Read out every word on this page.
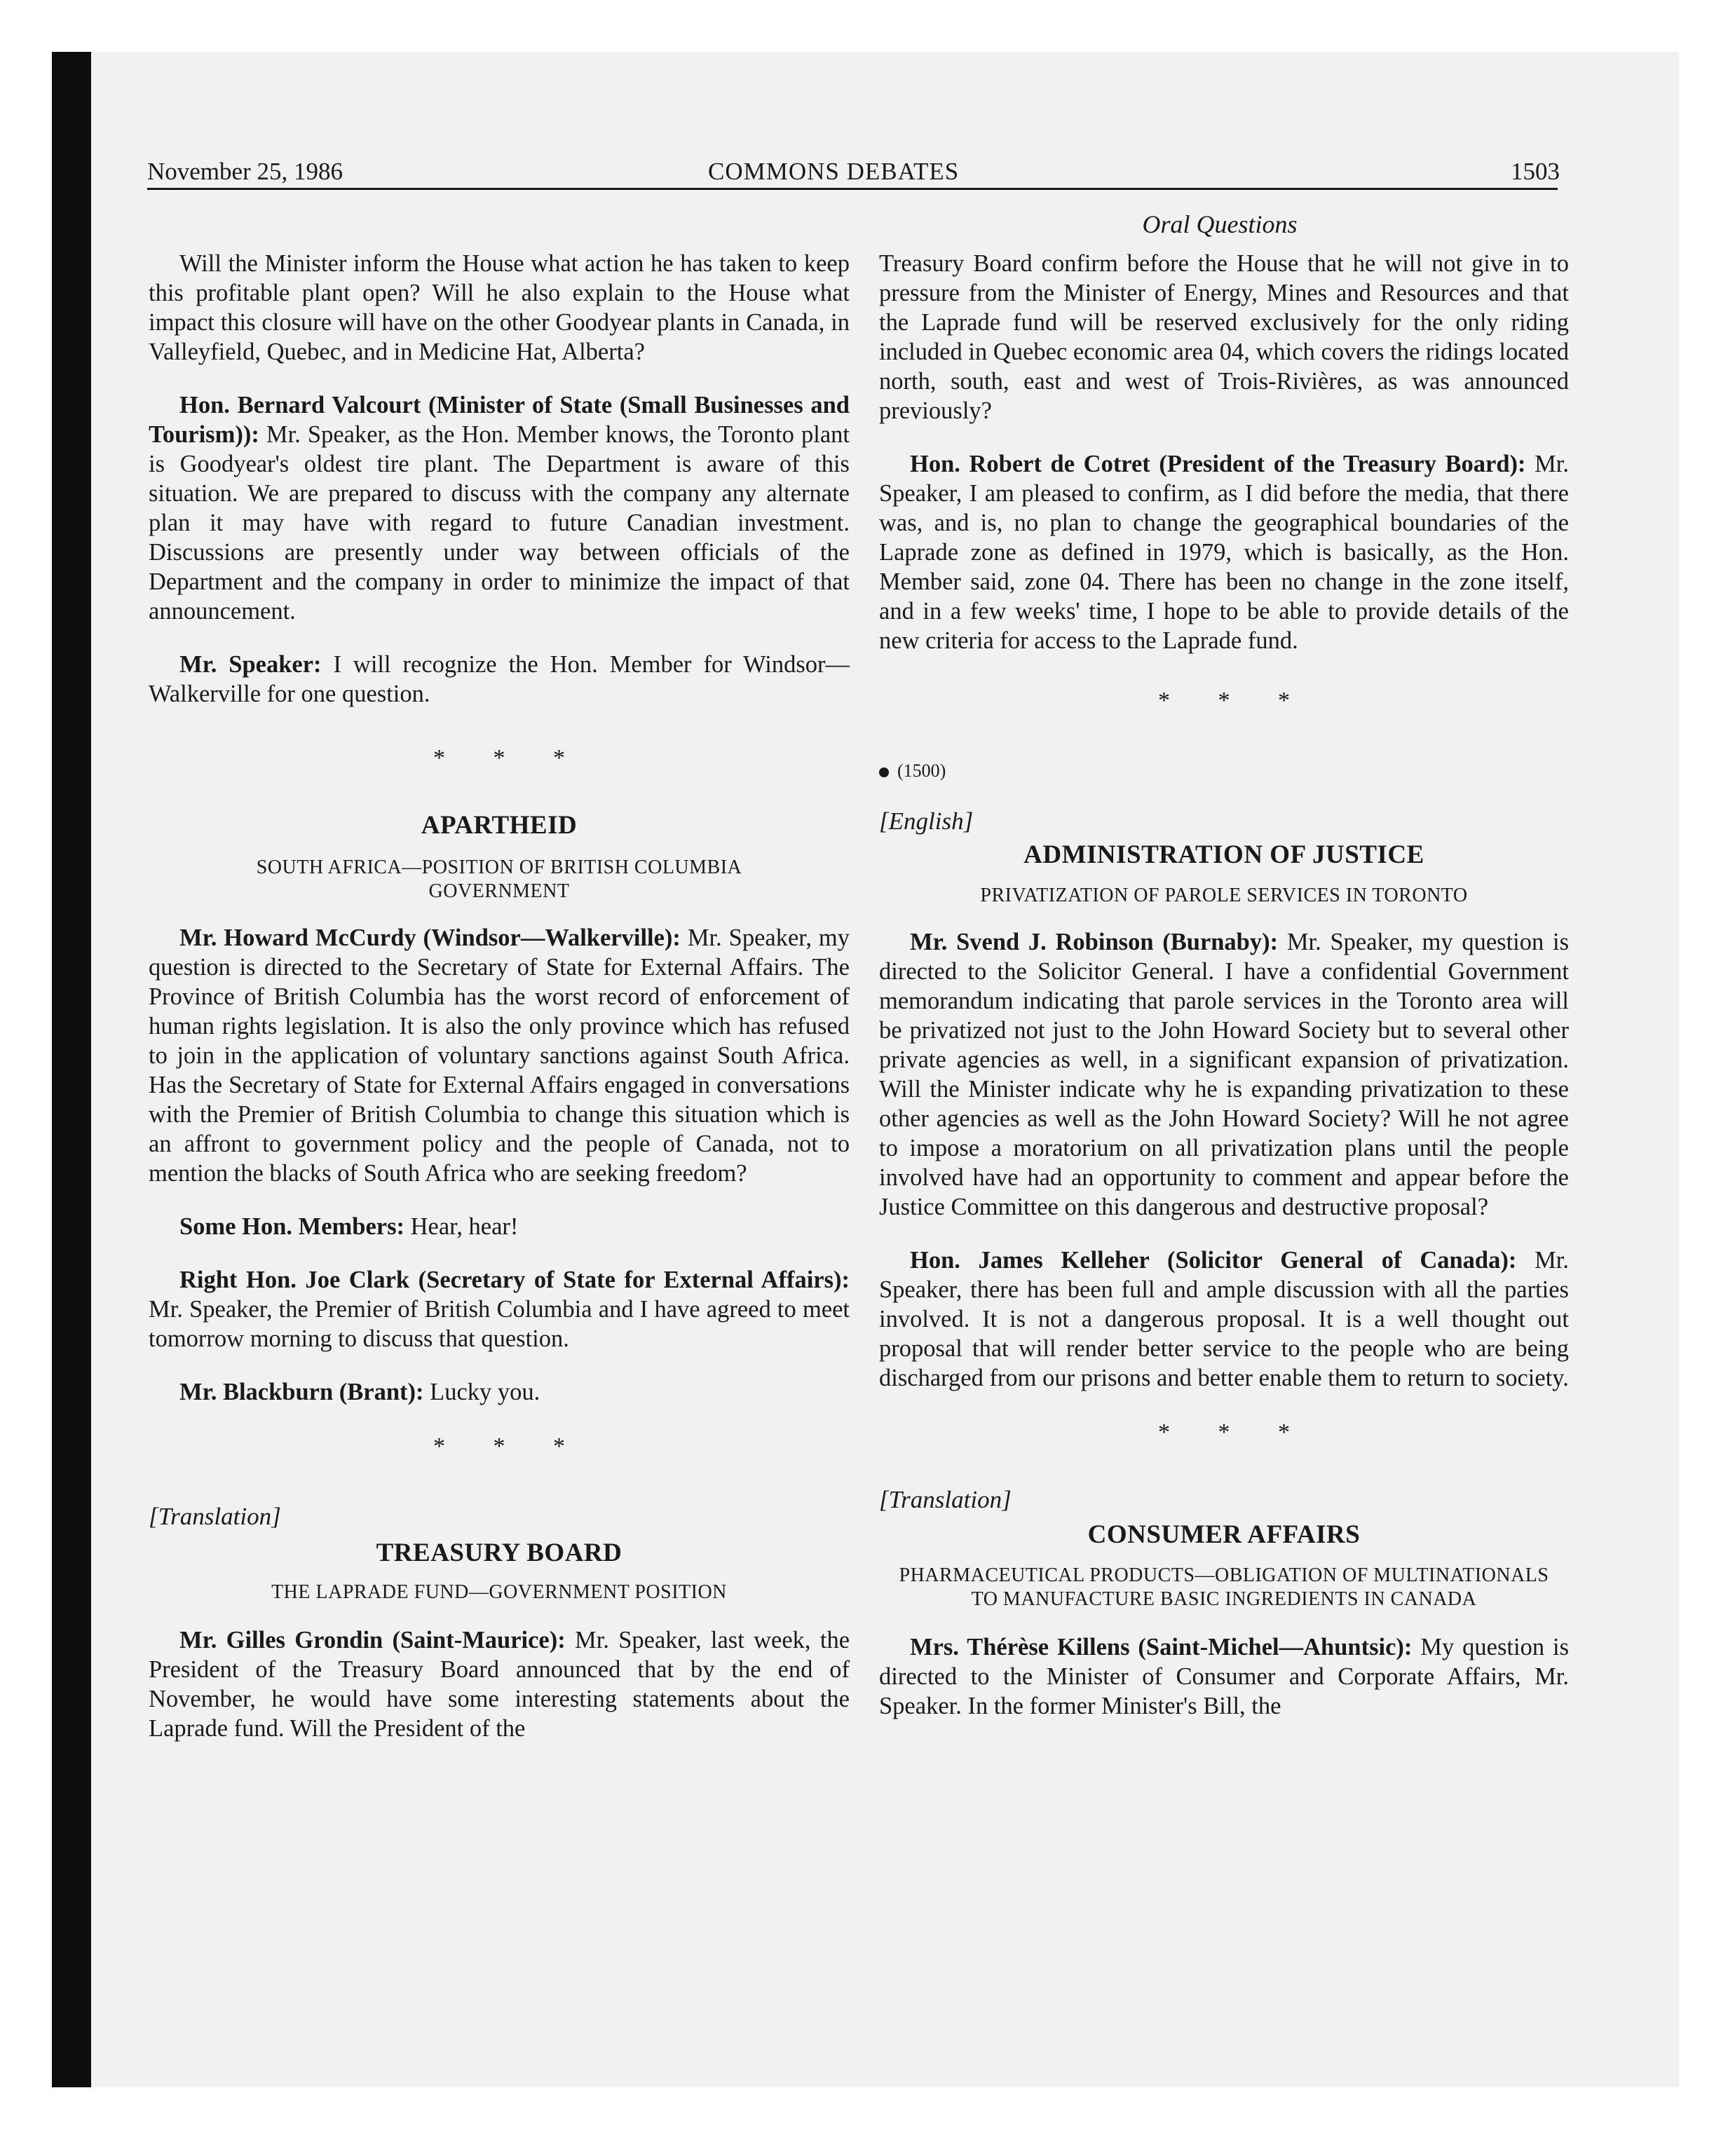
November 25, 1986	COMMONS DEBATES	1503
Oral Questions

Will the Minister inform the House what action he has taken to keep this profitable plant open? Will he also explain to the House what impact this closure will have on the other Goodyear plants in Canada, in Valleyfield, Quebec, and in Medicine Hat, Alberta?

Hon. Bernard Valcourt (Minister of State (Small Businesses and Tourism)): Mr. Speaker, as the Hon. Member knows, the Toronto plant is Goodyear's oldest tire plant. The Department is aware of this situation. We are prepared to discuss with the company any alternate plan it may have with regard to future Canadian investment. Discussions are presently under way between officials of the Department and the company in order to minimize the impact of that announcement.

Mr. Speaker: I will recognize the Hon. Member for Windsor—Walkerville for one question.

* * *

APARTHEID

SOUTH AFRICA—POSITION OF BRITISH COLUMBIA GOVERNMENT

Mr. Howard McCurdy (Windsor—Walkerville): Mr. Speaker, my question is directed to the Secretary of State for External Affairs. The Province of British Columbia has the worst record of enforcement of human rights legislation. It is also the only province which has refused to join in the application of voluntary sanctions against South Africa. Has the Secretary of State for External Affairs engaged in conversations with the Premier of British Columbia to change this situation which is an affront to government policy and the people of Canada, not to mention the blacks of South Africa who are seeking freedom?

Some Hon. Members: Hear, hear!

Right Hon. Joe Clark (Secretary of State for External Affairs): Mr. Speaker, the Premier of British Columbia and I have agreed to meet tomorrow morning to discuss that question.

Mr. Blackburn (Brant): Lucky you.

* * *

[Translation]

TREASURY BOARD

THE LAPRADE FUND—GOVERNMENT POSITION

Mr. Gilles Grondin (Saint-Maurice): Mr. Speaker, last week, the President of the Treasury Board announced that by the end of November, he would have some interesting statements about the Laprade fund. Will the President of the

Treasury Board confirm before the House that he will not give in to pressure from the Minister of Energy, Mines and Resources and that the Laprade fund will be reserved exclusively for the only riding included in Quebec economic area 04, which covers the ridings located north, south, east and west of Trois-Rivières, as was announced previously?

Hon. Robert de Cotret (President of the Treasury Board): Mr. Speaker, I am pleased to confirm, as I did before the media, that there was, and is, no plan to change the geographical boundaries of the Laprade zone as defined in 1979, which is basically, as the Hon. Member said, zone 04. There has been no change in the zone itself, and in a few weeks' time, I hope to be able to provide details of the new criteria for access to the Laprade fund.

* * *

(1500)

[English]

ADMINISTRATION OF JUSTICE

PRIVATIZATION OF PAROLE SERVICES IN TORONTO

Mr. Svend J. Robinson (Burnaby): Mr. Speaker, my question is directed to the Solicitor General. I have a confidential Government memorandum indicating that parole services in the Toronto area will be privatized not just to the John Howard Society but to several other private agencies as well, in a significant expansion of privatization. Will the Minister indicate why he is expanding privatization to these other agencies as well as the John Howard Society? Will he not agree to impose a moratorium on all privatization plans until the people involved have had an opportunity to comment and appear before the Justice Committee on this dangerous and destructive proposal?

Hon. James Kelleher (Solicitor General of Canada): Mr. Speaker, there has been full and ample discussion with all the parties involved. It is not a dangerous proposal. It is a well thought out proposal that will render better service to the people who are being discharged from our prisons and better enable them to return to society.

* * *

[Translation]

CONSUMER AFFAIRS

PHARMACEUTICAL PRODUCTS—OBLIGATION OF MULTINATIONALS TO MANUFACTURE BASIC INGREDIENTS IN CANADA

Mrs. Thérèse Killens (Saint-Michel—Ahuntsic): My question is directed to the Minister of Consumer and Corporate Affairs, Mr. Speaker. In the former Minister's Bill, the
